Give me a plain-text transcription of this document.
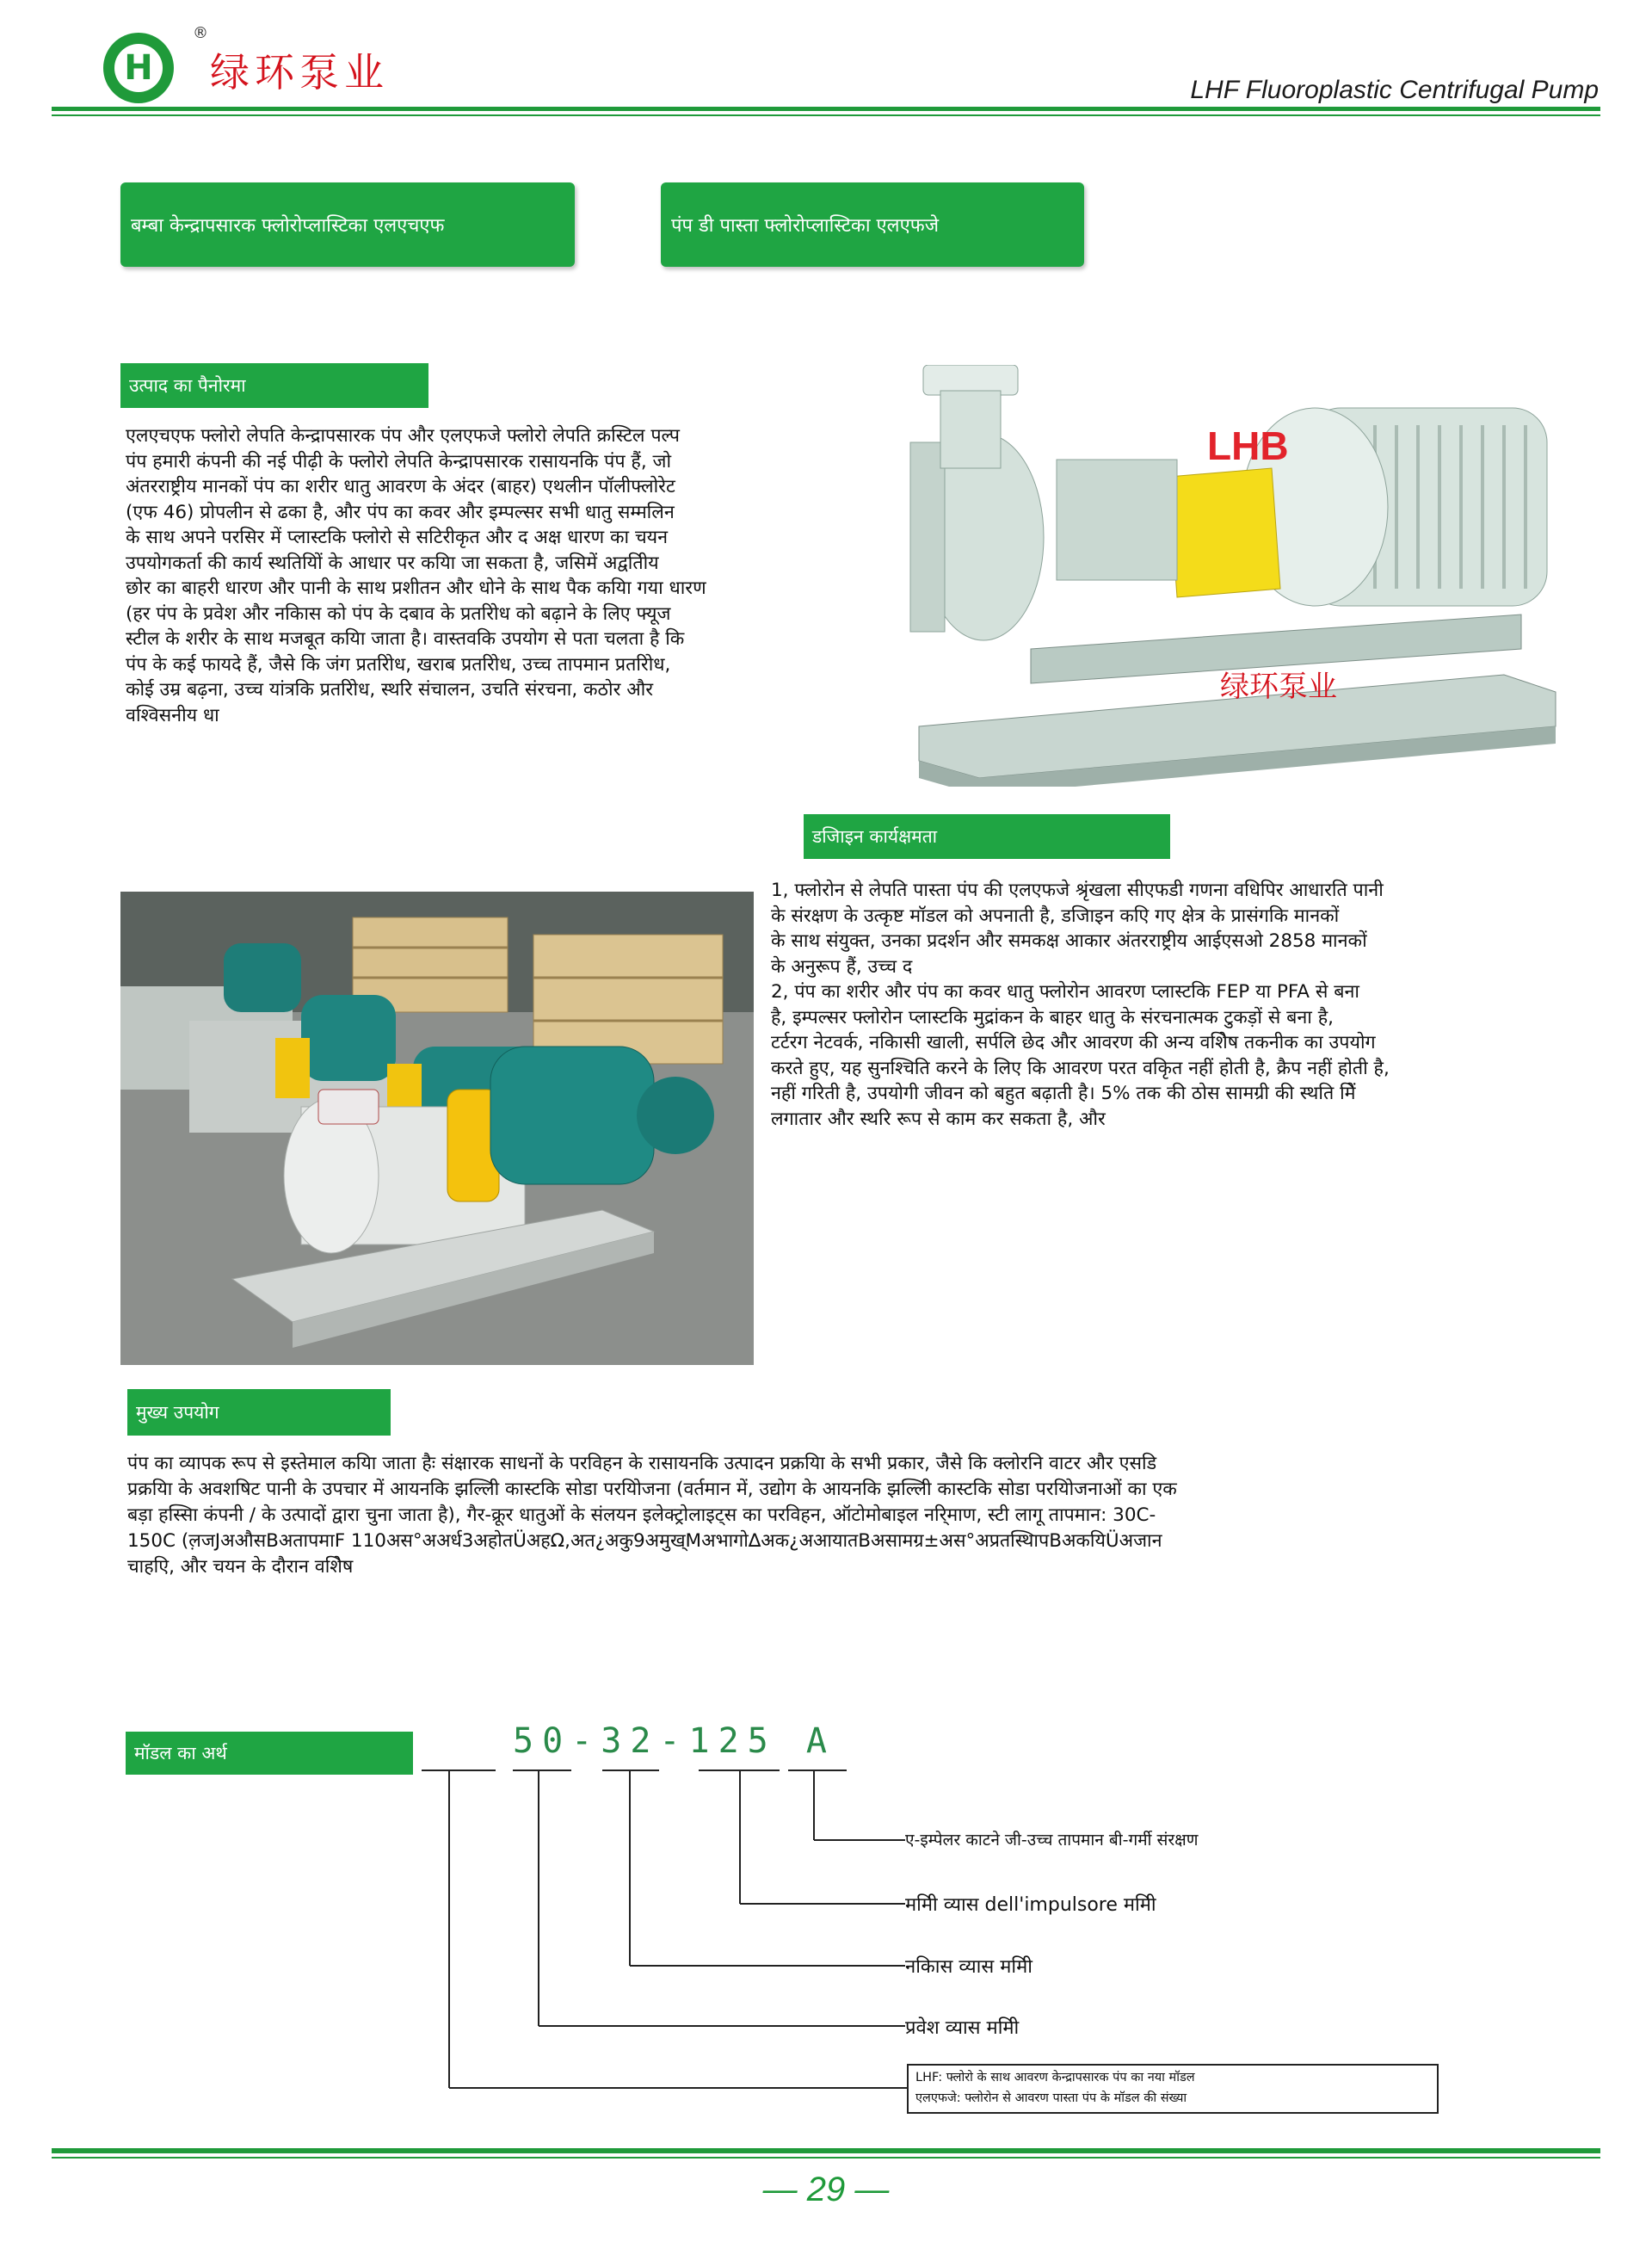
H
®
绿环泵业	LHF Fluoroplastic Centrifugal Pump
बम्बा केन्द्रापसारक फ्लोरोप्लास्टिका एलएचएफ	पंप डी पास्ता फ्लोरोप्लास्टिका एलएफजे
उत्पाद का पैनोरमा
एलएचएफ फ्लोरो लेपति केन्द्रापसारक पंप और एलएफजे फ्लोरो लेपति क्रस्टिल पल्प
पंप हमारी कंपनी की नई पीढ़ी के फ्लोरो लेपति केन्द्रापसारक रासायनकि पंप हैं, जो
अंतरराष्ट्रीय मानकों पंप का शरीर धातु आवरण के अंदर (बाहर) एथलीन पॉलीफ्लोरेट
(एफ 46) प्रोपलीन से ढका है, और पंप का कवर और इम्पल्सर सभी धातु सम्मलिन
के साथ अपने परसिर में प्लास्टकि फ्लोरो से सटिरीकृत और द अक्ष धारण का चयन
उपयोगकर्ता की कार्य स्थतियिों के आधार पर कयिा जा सकता है, जसिमें अद्वतिीय
छोर का बाहरी धारण और पानी के साथ प्रशीतन और धोने के साथ पैक कयिा गया धारण
(हर पंप के प्रवेश और नकिास को पंप के दबाव के प्रतरिोध को बढ़ाने के लिए फ्यूज
स्टील के शरीर के साथ मजबूत कयिा जाता है। वास्तवकि उपयोग से पता चलता है कि
पंप के कई फायदे हैं, जैसे कि जंग प्रतरिोध, खराब प्रतरिोध, उच्च तापमान प्रतरिोध,
कोई उम्र बढ़ना, उच्च यांत्रकि प्रतरिोध, स्थरि संचालन, उचति संरचना, कठोर और
वश्विसनीय धा
LHB
绿环泵业
डजिाइन कार्यक्षमता
1, फ्लोरोन से लेपति पास्ता पंप की एलएफजे श्रृंखला सीएफडी गणना वधिपिर आधारति पानी
के संरक्षण के उत्कृष्ट मॉडल को अपनाती है, डजिाइन कएि गए क्षेत्र के प्रासंगकि मानकों
के साथ संयुक्त, उनका प्रदर्शन और समकक्ष आकार अंतरराष्ट्रीय आईएसओ 2858 मानकों
के अनुरूप हैं, उच्च द
2, पंप का शरीर और पंप का कवर धातु फ्लोरोन आवरण प्लास्टकि FEP या PFA से बना
है, इम्पल्सर फ्लोरोन प्लास्टकि मुद्रांकन के बाहर धातु के संरचनात्मक टुकड़ों से बना है,
टर्टरग नेटवर्क, नकिासी खाली, सर्पलि छेद और आवरण की अन्य वशिेष तकनीक का उपयोग
करते हुए, यह सुनश्चिति करने के लिए कि आवरण परत वकिृत नहीं होती है, क्रैप नहीं होती है,
नहीं गरिती है, उपयोगी जीवन को बहुत बढ़ाती है। 5% तक की ठोस सामग्री की स्थति मिें
लगातार और स्थरि रूप से काम कर सकता है, और
मुख्य उपयोग
पंप का व्यापक रूप से इस्तेमाल कयिा जाता हैः संक्षारक साधनों के परविहन के रासायनकि उत्पादन प्रक्रयिा के सभी प्रकार, जैसे कि क्लोरनि वाटर और एसडि
प्रक्रयिा के अवशषिट पानी के उपचार में आयनकि झल्लिी कास्टकि सोडा परयिोजना (वर्तमान में, उद्योग के आयनकि झल्लिी कास्टकि सोडा परयिोजनाओं का एक
बड़ा हस्सिा कंपनी / के उत्पादों द्वारा चुना जाता है), गैर-क्रूर धातुओं के संलयन इलेक्ट्रोलाइट्स का परविहन, ऑटोमोबाइल नरि्माण, स्टी लागू तापमान: 30C-
150C (ल़जJअऔसBअतापमाF 110अस°अअर्ध3अहोतÜअहΩ,अत¿अकु9अमुख्Mअभागो∆अक¿अआयातBअसामग्र±अस°अप्रतस्थिापBअकयिÜअजान
चाहएि, और चयन के दौरान वशिेष
मॉडल का अर्थ	50-32-125 A
ए-इम्पेलर काटने जी-उच्च तापमान बी-गर्मी संरक्षण
ममिी व्यास dell'impulsore ममिी
नकिास व्यास ममिी
प्रवेश व्यास ममिी
LHF: फ्लोरो के साथ आवरण केन्द्रापसारक पंप का नया मॉडल
एलएफजे: फ्लोरोन से आवरण पास्ता पंप के मॉडल की संख्या
— 29 —
